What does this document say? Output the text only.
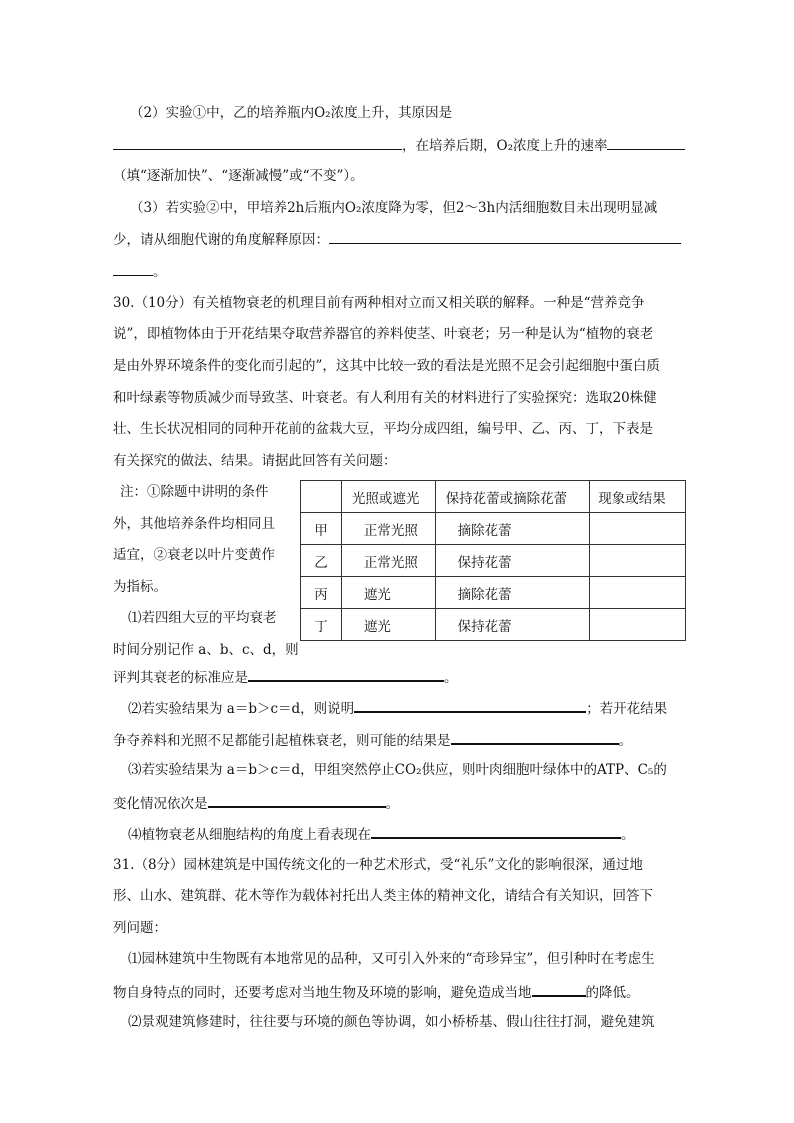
（2）实验①中，乙的培养瓶内O₂浓度上升，其原因是
，在培养后期，O₂浓度上升的速率
（填“逐渐加快”、“逐渐减慢”或“不变”）。
（3）若实验②中，甲培养2h后瓶内O₂浓度降为零，但2～3h内活细胞数目未出现明显减
少，请从细胞代谢的角度解释原因：
。
30.（10分）有关植物衰老的机理目前有两种相对立而又相关联的解释。一种是“营养竞争
说”，即植物体由于开花结果夺取营养器官的养料使茎、叶衰老；另一种是认为“植物的衰老
是由外界环境条件的变化而引起的”，这其中比较一致的看法是光照不足会引起细胞中蛋白质
和叶绿素等物质减少而导致茎、叶衰老。有人利用有关的材料进行了实验探究：选取20株健
壮、生长状况相同的同种开花前的盆栽大豆，平均分成四组，编号甲、乙、丙、丁，下表是
有关探究的做法、结果。请据此回答有关问题：
注：①除题中讲明的条件
外，其他培养条件均相同且
适宜，②衰老以叶片变黄作
为指标。
⑴若四组大豆的平均衰老
时间分别记作 a、b、c、d，则
评判其衰老的标准应是	。
	光照或遮光	保持花蕾或摘除花蕾	现象或结果
甲	正常光照	摘除花蕾	
乙	正常光照	保持花蕾	
丙	遮光	摘除花蕾	
丁	遮光	保持花蕾	
⑵若实验结果为 a＝b＞c＝d，则说明	；若开花结果
争夺养料和光照不足都能引起植株衰老，则可能的结果是	。
⑶若实验结果为 a＝b＞c＝d，甲组突然停止CO₂供应，则叶肉细胞叶绿体中的ATP、C₅的
变化情况依次是	。
⑷植物衰老从细胞结构的角度上看表现在	。
31.（8分）园林建筑是中国传统文化的一种艺术形式，受“礼乐”文化的影响很深，通过地
形、山水、建筑群、花木等作为载体衬托出人类主体的精神文化，请结合有关知识，回答下
列问题：
⑴园林建筑中生物既有本地常见的品种，又可引入外来的“奇珍异宝”，但引种时在考虑生
物自身特点的同时，还要考虑对当地生物及环境的影响，避免造成当地	的降低。
⑵景观建筑修建时，往往要与环境的颜色等协调，如小桥桥基、假山往往打洞，避免建筑
